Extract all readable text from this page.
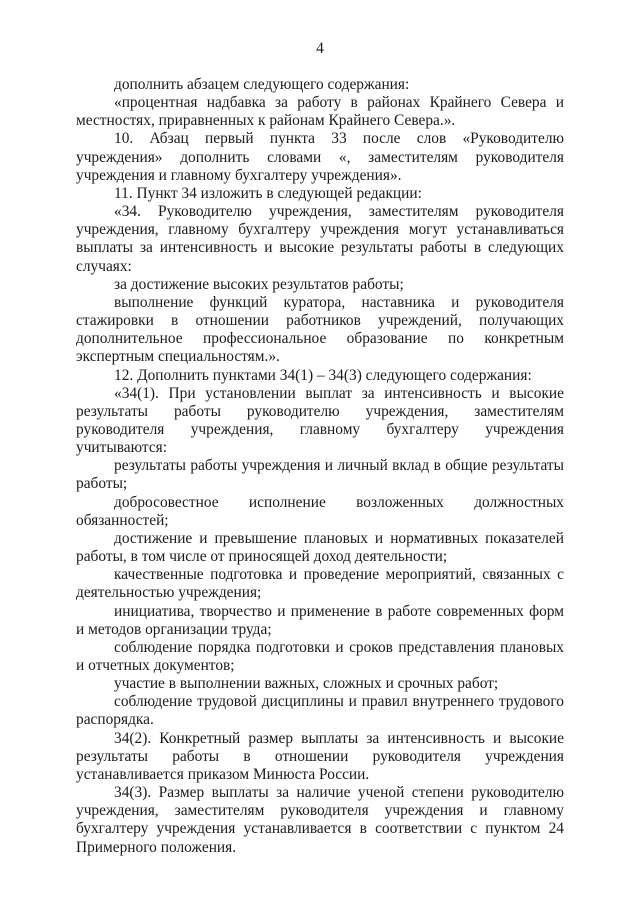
4

дополнить абзацем следующего содержания:

«процентная надбавка за работу в районах Крайнего Севера и местностях, приравненных к районам Крайнего Севера.».

10. Абзац первый пункта 33 после слов «Руководителю учреждения» дополнить словами «, заместителям руководителя учреждения и главному бухгалтеру учреждения».

11. Пункт 34 изложить в следующей редакции:

«34. Руководителю учреждения, заместителям руководителя учреждения, главному бухгалтеру учреждения могут устанавливаться выплаты за интенсивность и высокие результаты работы в следующих случаях:

за достижение высоких результатов работы;

выполнение функций куратора, наставника и руководителя стажировки в отношении работников учреждений, получающих дополнительное профессиональное образование по конкретным экспертным специальностям.».

12. Дополнить пунктами 34(1) – 34(3) следующего содержания:

«34(1). При установлении выплат за интенсивность и высокие результаты работы руководителю учреждения, заместителям руководителя учреждения, главному бухгалтеру учреждения учитываются:

результаты работы учреждения и личный вклад в общие результаты работы;

добросовестное исполнение возложенных должностных обязанностей;

достижение и превышение плановых и нормативных показателей работы, в том числе от приносящей доход деятельности;

качественные подготовка и проведение мероприятий, связанных с деятельностью учреждения;

инициатива, творчество и применение в работе современных форм и методов организации труда;

соблюдение порядка подготовки и сроков представления плановых и отчетных документов;

участие в выполнении важных, сложных и срочных работ;

соблюдение трудовой дисциплины и правил внутреннего трудового распорядка.

34(2). Конкретный размер выплаты за интенсивность и высокие результаты работы в отношении руководителя учреждения устанавливается приказом Минюста России.

34(3). Размер выплаты за наличие ученой степени руководителю учреждения, заместителям руководителя учреждения и главному бухгалтеру учреждения устанавливается в соответствии с пунктом 24 Примерного положения.
